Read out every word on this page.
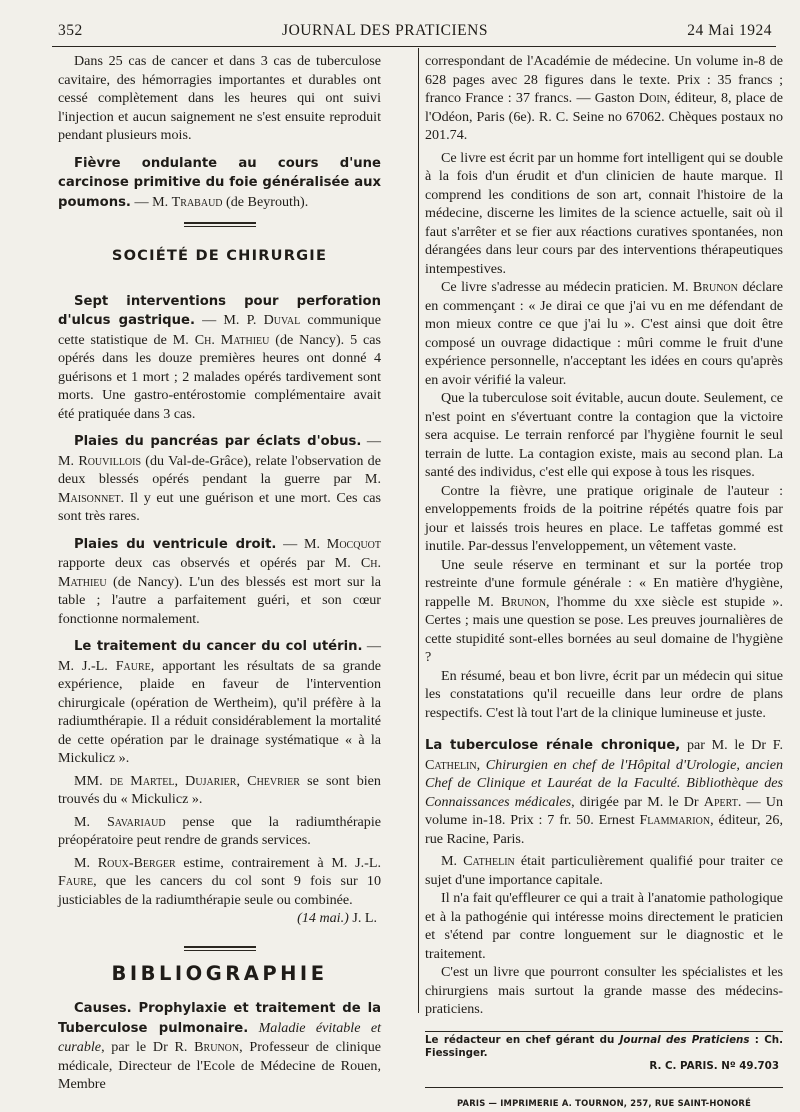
352	JOURNAL DES PRATICIENS	24 Mai 1924

Dans 25 cas de cancer et dans 3 cas de tuberculose cavitaire, des hémorragies importantes et durables ont cessé complètement dans les heures qui ont suivi l'injection et aucun saignement ne s'est ensuite reproduit pendant plusieurs mois.

Fièvre ondulante au cours d'une carcinose primitive du foie généralisée aux poumons. — M. Trabaud (de Beyrouth).

SOCIÉTÉ DE CHIRURGIE

Sept interventions pour perforation d'ulcus gastrique. — M. P. Duval communique cette statistique de M. Ch. Mathieu (de Nancy). 5 cas opérés dans les douze premières heures ont donné 4 guérisons et 1 mort ; 2 malades opérés tardivement sont morts. Une gastro-entérostomie complémentaire avait été pratiquée dans 3 cas.

Plaies du pancréas par éclats d'obus. — M. Rouvillois (du Val-de-Grâce), relate l'observation de deux blessés opérés pendant la guerre par M. Maisonnet. Il y eut une guérison et une mort. Ces cas sont très rares.

Plaies du ventricule droit. — M. Mocquot rapporte deux cas observés et opérés par M. Ch. Mathieu (de Nancy). L'un des blessés est mort sur la table ; l'autre a parfaitement guéri, et son cœur fonctionne normalement.

Le traitement du cancer du col utérin. — M. J.-L. Faure, apportant les résultats de sa grande expérience, plaide en faveur de l'intervention chirurgicale (opération de Wertheim), qu'il préfère à la radiumthérapie. Il a réduit considérablement la mortalité de cette opération par le drainage systématique « à la Mickulicz ».

MM. de Martel, Dujarier, Chevrier se sont bien trouvés du « Mickulicz ».

M. Savariaud pense que la radiumthérapie préopératoire peut rendre de grands services.

M. Roux-Berger estime, contrairement à M. J.-L. Faure, que les cancers du col sont 9 fois sur 10 justiciables de la radiumthérapie seule ou combinée.

(14 mai.) J. L.

BIBLIOGRAPHIE

Causes. Prophylaxie et traitement de la Tuberculose pulmonaire. Maladie évitable et curable, par le Dr R. Brunon, Professeur de clinique médicale, Directeur de l'Ecole de Médecine de Rouen, Membre

correspondant de l'Académie de médecine. Un volume in-8 de 628 pages avec 28 figures dans le texte. Prix : 35 francs ; franco France : 37 francs. — Gaston Doin, éditeur, 8, place de l'Odéon, Paris (6e). R. C. Seine no 67062. Chèques postaux no 201.74.

Ce livre est écrit par un homme fort intelligent qui se double à la fois d'un érudit et d'un clinicien de haute marque. Il comprend les conditions de son art, connait l'histoire de la médecine, discerne les limites de la science actuelle, sait où il faut s'arrêter et se fier aux réactions curatives spontanées, non dérangées dans leur cours par des interventions thérapeutiques intempestives.

Ce livre s'adresse au médecin praticien. M. Brunon déclare en commençant : « Je dirai ce que j'ai vu en me défendant de mon mieux contre ce que j'ai lu ». C'est ainsi que doit être composé un ouvrage didactique : mûri comme le fruit d'une expérience personnelle, n'acceptant les idées en cours qu'après en avoir vérifié la valeur.

Que la tuberculose soit évitable, aucun doute. Seulement, ce n'est point en s'évertuant contre la contagion que la victoire sera acquise. Le terrain renforcé par l'hygiène fournit le seul terrain de lutte. La contagion existe, mais au second plan. La santé des individus, c'est elle qui expose à tous les risques.

Contre la fièvre, une pratique originale de l'auteur : enveloppements froids de la poitrine répétés quatre fois par jour et laissés trois heures en place. Le taffetas gommé est inutile. Par-dessus l'enveloppement, un vêtement vaste.

Une seule réserve en terminant et sur la portée trop restreinte d'une formule générale : « En matière d'hygiène, rappelle M. Brunon, l'homme du xxe siècle est stupide ». Certes ; mais une question se pose. Les preuves journalières de cette stupidité sont-elles bornées au seul domaine de l'hygiène ?

En résumé, beau et bon livre, écrit par un médecin qui situe les constatations qu'il recueille dans leur ordre de plans respectifs. C'est là tout l'art de la clinique lumineuse et juste.

La tuberculose rénale chronique, par M. le Dr F. Cathelin, Chirurgien en chef de l'Hôpital d'Urologie, ancien Chef de Clinique et Lauréat de la Faculté. Bibliothèque des Connaissances médicales, dirigée par M. le Dr Apert. — Un volume in-18. Prix : 7 fr. 50. Ernest Flammarion, éditeur, 26, rue Racine, Paris.

M. Cathelin était particulièrement qualifié pour traiter ce sujet d'une importance capitale.

Il n'a fait qu'effleurer ce qui a trait à l'anatomie pathologique et à la pathogénie qui intéresse moins directement le praticien et s'étend par contre longuement sur le diagnostic et le traitement.

C'est un livre que pourront consulter les spécialistes et les chirurgiens mais surtout la grande masse des médecins-praticiens.

Le rédacteur en chef gérant du Journal des Praticiens : Ch. Fiessinger.
R. C. PARIS. Nº 49.703
PARIS — IMPRIMERIE A. TOURNON, 257, RUE SAINT-HONORÉ
